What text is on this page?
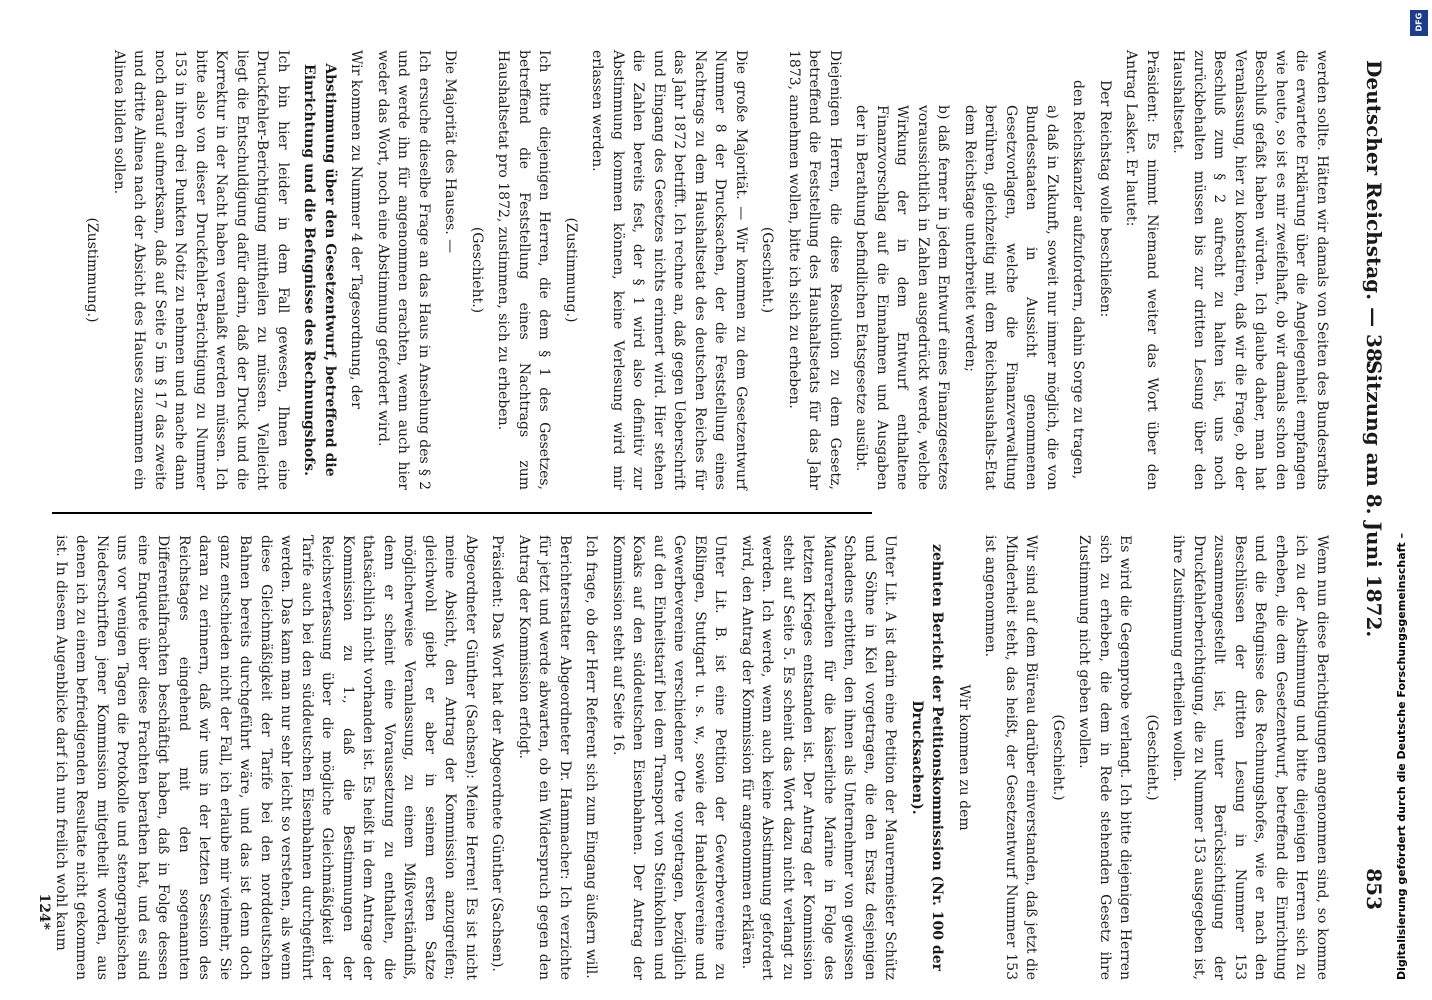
Deutscher Reichstag. — 38.
Sitzung am 8. Juni 1872.
853

werden sollte. Hätten wir damals von Seiten des Bundesraths die erwartete Erklärung über die Angelegenheit empfangen wie heute, so ist es mir zweifelhaft, ob wir damals schon den Beschluß gefaßt haben würden. Ich glaube daher, man hat Veranlassung, hier zu konstatiren, daß wir die Frage, ob der Beschluß zum § 2 aufrecht zu halten ist, uns noch zurückbehalten müssen bis zur dritten Lesung über den Haushaltsetat.

Präsident: Es nimmt Niemand weiter das Wort über den Antrag Lasker. Er lautet:

Der Reichstag wolle beschließen:

den Reichskanzler aufzufordern, dahin Sorge zu tragen,

a) daß in Zukunft, soweit nur immer möglich, die von Bundesstaaten in Aussicht genommenen Gesetzvorlagen, welche die Finanzverwaltung berühren, gleichzeitig mit dem Reichshaushalts-Etat dem Reichstage unterbreitet werden;

b) daß ferner in jedem Entwurf eines Finanzgesetzes voraussichtlich in Zahlen ausgedrückt werde, welche Wirkung der in dem Entwurf enthaltene Finanzvorschlag auf die Einnahmen und Ausgaben der in Berathung befindlichen Etatsgesetze ausübt.

Diejenigen Herren, die diese Resolution zu dem Gesetz, betreffend die Feststellung des Haushaltsetats für das Jahr 1873, annehmen wollen, bitte ich sich zu erheben.

(Geschieht.)

Die große Majorität. — Wir kommen zu dem Gesetzentwurf Nummer 8 der Drucksachen, der die Feststellung eines Nachtrags zu dem Haushaltsetat des deutschen Reiches für das Jahr 1872 betrifft. Ich rechne an, daß gegen Ueberschrift und Eingang des Gesetzes nichts erinnert wird. Hier stehen die Zahlen bereits fest, der § 1 wird also definitiv zur Abstimmung kommen können, keine Verlesung wird mir erlassen werden.

(Zustimmung.)

Ich bitte diejenigen Herren, die dem § 1 des Gesetzes, betreffend die Feststellung eines Nachtrags zum Haushaltsetat pro 1872, zustimmen, sich zu erheben.

(Geschieht.)

Die Majorität des Hauses. —

Ich ersuche dieselbe Frage an das Haus in Ansehung des § 2 und werde ihn für angenommen erachten, wenn auch hier weder das Wort, noch eine Abstimmung gefordert wird.

Wir kommen zu Nummer 4 der Tagesordnung, der

Abstimmung über den Gesetzentwurf, betreffend die Einrichtung und die Befugnisse des Rechnungshofs.

Ich bin hier leider in dem Fall gewesen, Ihnen eine Druckfehler-Berichtigung mittheilen zu müssen. Vielleicht liegt die Entschuldigung dafür darin, daß der Druck und die Korrektur in der Nacht haben veranlaßt werden müssen. Ich bitte also von dieser Druckfehler-Berichtigung zu Nummer 153 in ihren drei Punkten Notiz zu nehmen und mache dann noch darauf aufmerksam, daß auf Seite 5 im § 17 das zweite und dritte Alinea nach der Absicht des Hauses zusammen ein Alinea bilden sollen.

(Zustimmung.)

Wenn nun diese Berichtigungen angenommen sind, so komme ich zu der Abstimmung und bitte diejenigen Herren sich zu erheben, die dem Gesetzentwurf, betreffend die Einrichtung und die Befugnisse des Rechnungshofes, wie er nach den Beschlüssen der dritten Lesung in Nummer 153 zusammengestellt ist, unter Berücksichtigung der Druckfehlerberichtigung, die zu Nummer 153 ausgegeben ist, ihre Zustimmung ertheilen wollen.

(Geschieht.)

Es wird die Gegenprobe verlangt. Ich bitte diejenigen Herren sich zu erheben, die dem in Rede stehenden Gesetz ihre Zustimmung nicht geben wollen.

(Geschieht.)

Wir sind auf dem Büreau darüber einverstanden, daß jetzt die Minderheit steht, das heißt, der Gesetzentwurf Nummer 153 ist angenommen.

Wir kommen zu dem

zehnten Bericht der Petitionskommission (Nr. 100 der Drucksachen).

Unter Lit. A ist darin eine Petition der Maurermeister Schütz und Söhne in Kiel vorgetragen, die den Ersatz desjenigen Schadens erbitten, den ihnen als Unternehmer von gewissen Maurerarbeiten für die kaiserliche Marine in Folge des letzten Krieges entstanden ist. Der Antrag der Kommission steht auf Seite 5. Es scheint das Wort dazu nicht verlangt zu werden. Ich werde, wenn auch keine Abstimmung gefordert wird, den Antrag der Kommission für angenommen erklären.

Unter Lit. B. ist eine Petition der Gewerbevereine zu Eßlingen, Stuttgart u. s. w., sowie der Handelsvereine und Gewerbevereine verschiedener Orte vorgetragen, bezüglich auf den Einheitstarif bei dem Transport von Steinkohlen und Koaks auf den süddeutschen Eisenbahnen. Der Antrag der Kommission steht auf Seite 16.

Ich frage, ob der Herr Referent sich zum Eingang äußern will.

Berichterstatter Abgeordneter Dr. Hammacher: Ich verzichte für jetzt und werde abwarten, ob ein Widerspruch gegen den Antrag der Kommission erfolgt.

Präsident: Das Wort hat der Abgeordnete Günther (Sachsen).

Abgeordneter Günther (Sachsen): Meine Herren! Es ist nicht meine Absicht, den Antrag der Kommission anzugreifen; gleichwohl giebt er aber in seinem ersten Satze möglicherweise Veranlassung, zu einem Mißverständniß, denn er scheint eine Voraussetzung zu enthalten, die thatsächlich nicht vorhanden ist. Es heißt in dem Antrage der Kommission zu 1., daß die Bestimmungen der Reichsverfassung über die mögliche Gleichmäßigkeit der Tarife auch bei den süddeutschen Eisenbahnen durchgeführt werden. Das kann man nur sehr leicht so verstehen, als wenn diese Gleichmäßigkeit der Tarife bei den norddeutschen Bahnen bereits durchgeführt wäre, und das ist denn doch ganz entschieden nicht der Fall, ich erlaube mir vielmehr, Sie daran zu erinnern, daß wir uns in der letzten Session des Reichstages eingehend mit den sogenannten Differentialfrachten beschäftigt haben, daß in Folge dessen eine Enquete über diese Frachten berathen hat, und es sind uns vor wenigen Tagen die Protokolle und stenographischen Niederschriften jener Kommission mitgetheilt worden, aus denen ich zu einem befriedigenden Resultate nicht gekommen ist. In diesem Augenblicke darf ich nun freilich wohl kaum

124*	Digitalisierung gefördert durch die Deutsche Forschungsgemeinschaft –
DFG
